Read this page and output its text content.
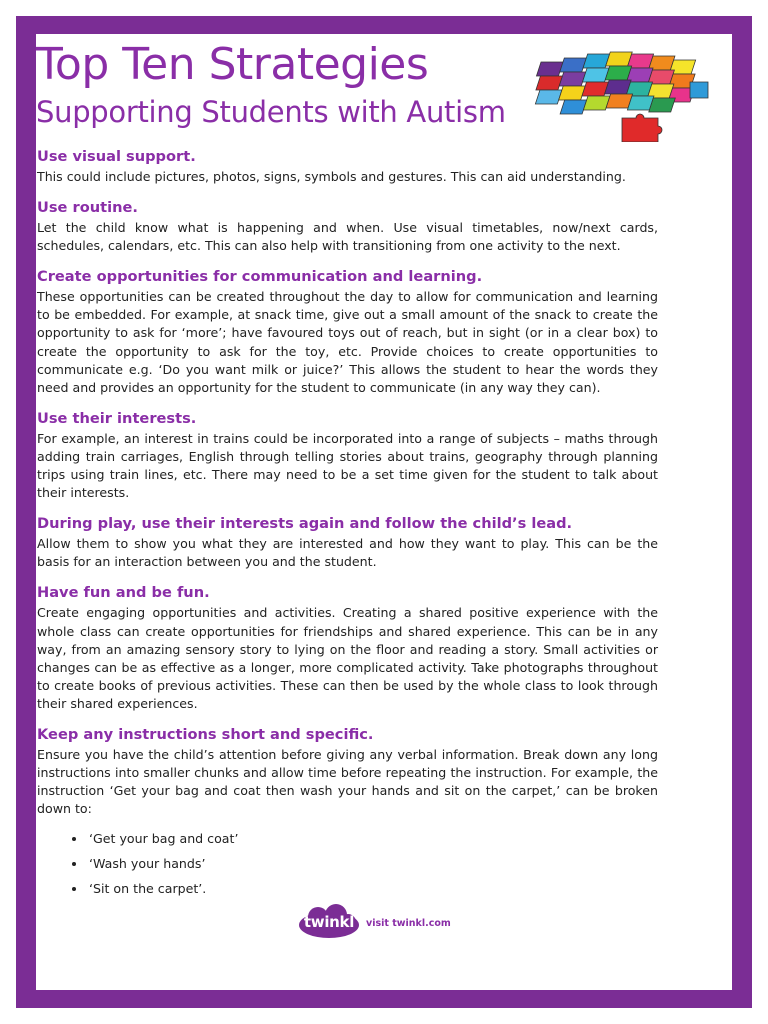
Top Ten Strategies
Supporting Students with Autism
Use visual support.

This could include pictures, photos, signs, symbols and gestures. This can aid understanding.

Use routine.

Let the child know what is happening and when. Use visual timetables, now/next cards, schedules, calendars, etc. This can also help with transitioning from one activity to the next.

Create opportunities for communication and learning.

These opportunities can be created throughout the day to allow for communication and learning to be embedded. For example, at snack time, give out a small amount of the snack to create the opportunity to ask for ‘more’; have favoured toys out of reach, but in sight (or in a clear box) to create the opportunity to ask for the toy, etc. Provide choices to create opportunities to communicate e.g. ‘Do you want milk or juice?’ This allows the student to hear the words they need and provides an opportunity for the student to communicate (in any way they can).

Use their interests.

For example, an interest in trains could be incorporated into a range of subjects – maths through adding train carriages, English through telling stories about trains, geography through planning trips using train lines, etc. There may need to be a set time given for the student to talk about their interests.

During play, use their interests again and follow the child’s lead.

Allow them to show you what they are interested and how they want to play. This can be the basis for an interaction between you and the student.

Have fun and be fun.

Create engaging opportunities and activities. Creating a shared positive experience with the whole class can create opportunities for friendships and shared experience. This can be in any way, from an amazing sensory story to lying on the floor and reading a story. Small activities or changes can be as effective as a longer, more complicated activity. Take photographs throughout to create books of previous activities. These can then be used by the whole class to look through their shared experiences.

Keep any instructions short and specific.

Ensure you have the child’s attention before giving any verbal information. Break down any long instructions into smaller chunks and allow time before repeating the instruction. For example, the instruction ‘Get your bag and coat then wash your hands and sit on the carpet,’ can be broken down to:

• ‘Get your bag and coat’
• ‘Wash your hands’
• ‘Sit on the carpet’.
twinkl	visit twinkl.com
